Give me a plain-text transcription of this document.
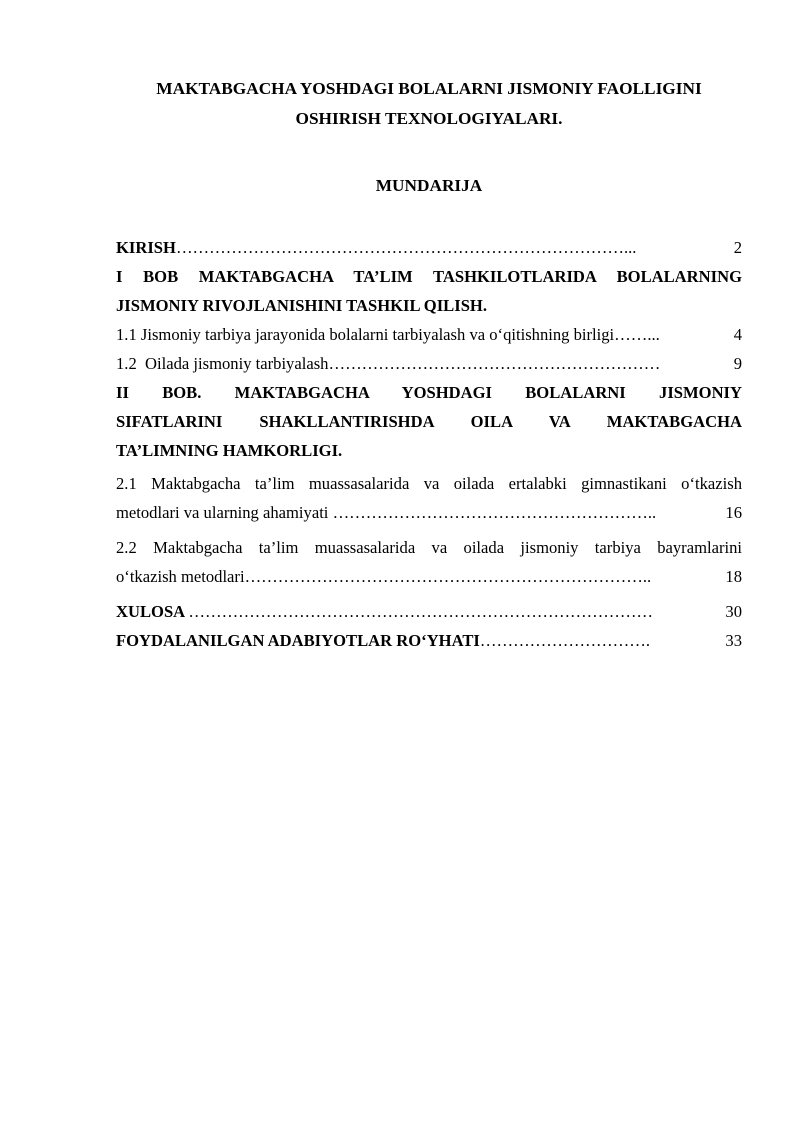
MAKTABGACHA YOSHDAGI BOLALARNI JISMONIY FAOLLIGINI
OSHIRISH TEXNOLOGIYALARI.
MUNDARIJA
KIRISH ………………………………………………………………………...	2
I BOB MAKTABGACHA TA’LIM TASHKILOTLARIDA BOLALARNING
JISMONIY RIVOJLANISHINI TASHKIL QILISH.
1.1 Jismoniy tarbiya jarayonida bolalarni tarbiyalash va o‘qitishning birligi ……...	4
1.2  Oilada jismoniy tarbiyalash ……………………………………………………	9
II BOB. MAKTABGACHA YOSHDAGI BOLALARNI JISMONIY
SIFATLARINI SHAKLLANTIRISHDA OILA VA MAKTABGACHA
TA’LIMNING HAMKORLIGI.
2.1 Maktabgacha ta’lim muassasalarida va oilada ertalabki gimnastikani o‘tkazish
metodlari va ularning ahamiyati …………………………………………………..	16
2.2 Maktabgacha ta’lim muassasalarida va oilada jismoniy tarbiya bayramlarini
o‘tkazish metodlari ………………………………………………………………..	18
XULOSA …………………………………………………………………………	30
FOYDALANILGAN ADABIYOTLAR RO‘YHATI ………………………….	33
